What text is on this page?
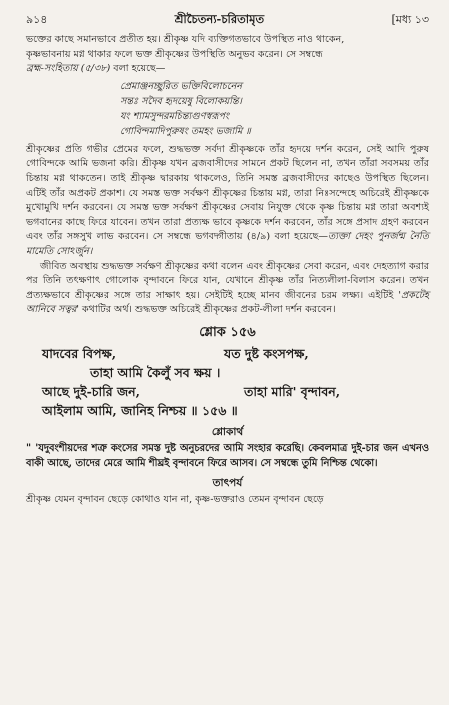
৯১৪	শ্রীচৈতন্য-চরিতামৃত	[মধ্য ১৩

ভক্তের কাছে সমানভাবে প্রতীত হয়। শ্রীকৃষ্ণ যদি ব্যক্তিগতভাবে উপস্থিত নাও থাকেন,

কৃষ্ণভাবনায় মগ্ন থাকার ফলে ভক্ত শ্রীকৃষ্ণের উপস্থিতি অনুভব করেন। সে সম্বন্ধে

ব্রহ্ম-সংহিতায় (৫/৩৮) বলা হয়েছে—

প্রেমাঞ্জনচ্ছুরিত ভক্তিবিলোচনেন
সন্তঃ সদৈব হৃদয়েষু বিলোকয়ন্তি।
যং শ্যামসুন্দরমচিন্ত্যগুণস্বরূপং
গোবিন্দমাদিপুরুষং তমহং ভজামি ॥

শ্রীকৃষ্ণের প্রতি গভীর প্রেমের ফলে, শুদ্ধভক্ত সর্বদা শ্রীকৃষ্ণকে তাঁর হৃদয়ে দর্শন করেন, সেই আদি পুরুষ গোবিন্দকে আমি ভজনা করি। শ্রীকৃষ্ণ যখন ব্রজবাসীদের সামনে প্রকট ছিলেন না, তখন তাঁরা সবসময় তাঁর চিন্তায় মগ্ন থাকতেন। তাই শ্রীকৃষ্ণ দ্বারকায় থাকলেও, তিনি সমস্ত ব্রজবাসীদের কাছেও উপস্থিত ছিলেন। এটিই তাঁর অপ্রকট প্রকাশ। যে সমস্ত ভক্ত সর্বক্ষণ শ্রীকৃষ্ণের চিন্তায় মগ্ন, তারা নিঃসন্দেহে অচিরেই শ্রীকৃষ্ণকে মুখোমুখি দর্শন করবেন। যে সমস্ত ভক্ত সর্বক্ষণ শ্রীকৃষ্ণের সেবায় নিযুক্ত থেকে কৃষ্ণ চিন্তায় মগ্ন তারা অবশ্যই ভগবানের কাছে ফিরে যাবেন। তখন তারা প্রত্যক্ষ ভাবে কৃষ্ণকে দর্শন করবেন, তাঁর সঙ্গে প্রসাদ গ্রহণ করবেন এবং তাঁর সঙ্গসুখ লাভ করবেন। সে সম্বন্ধে ভগবদ্গীতায় (৪/৯) বলা হয়েছে—ত্যক্তা দেহং পুনর্জন্ম নৈতি মামেতি সোঽর্জুন।

জীবিত অবস্থায় শুদ্ধভক্ত সর্বক্ষণ শ্রীকৃষ্ণের কথা বলেন এবং শ্রীকৃষ্ণের সেবা করেন, এবং দেহত্যাগ করার পর তিনি তৎক্ষণাৎ গোলোক বৃন্দাবনে ফিরে যান, যেখানে শ্রীকৃষ্ণ তাঁর নিত্যলীলা-বিলাস করেন। তখন প্রত্যক্ষভাবে শ্রীকৃষ্ণের সঙ্গে তার সাক্ষাৎ হয়। সেইটিই হচ্ছে মানব জীবনের চরম লক্ষ্য। এইটিই 'প্রকটেহ আনিবে সত্বর' কথাটির অর্থ। শুদ্ধভক্ত অচিরেই শ্রীকৃষ্ণের প্রকট-লীলা দর্শন করবেন।

শ্লোক ১৫৬
যাদবের বিপক্ষ,	যত দুষ্ট কংসপক্ষ,
তাহা আমি কৈলুঁ সব ক্ষয় ।
আছে দুই-চারি জন,	তাহা মারি' বৃন্দাবন,
আইলাম আমি, জানিহ নিশ্চয় ॥ ১৫৬ ॥
শ্লোকার্থ
" 'যদুবংশীয়দের শত্রু কংসের সমস্ত দুষ্ট অনুচরদের আমি সংহার করেছি। কেবলমাত্র দুই-চার জন এখনও বাকী আছে, তাদের মেরে আমি শীঘ্রই বৃন্দাবনে ফিরে আসব। সে সম্বন্ধে তুমি নিশ্চিন্ত থেকো।
তাৎপর্য
শ্রীকৃষ্ণ যেমন বৃন্দাবন ছেড়ে কোথাও যান না, কৃষ্ণ-ভক্তরাও তেমন বৃন্দাবন ছেড়ে
